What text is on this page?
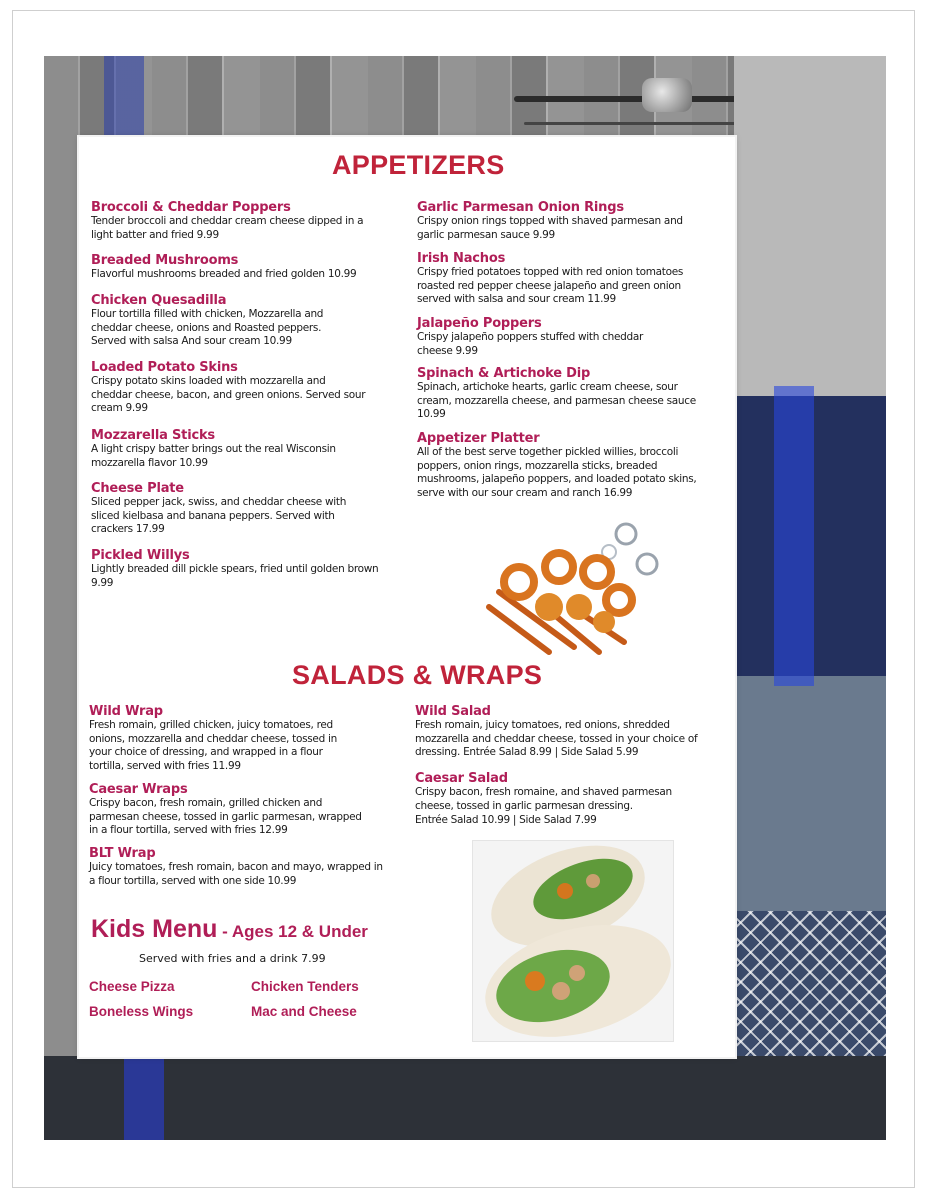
APPETIZERS
Broccoli & Cheddar Poppers
Tender broccoli and cheddar cream cheese dipped in a light batter and fried 9.99
Breaded Mushrooms
Flavorful mushrooms breaded and fried golden 10.99
Chicken Quesadilla
Flour tortilla filled with chicken, Mozzarella and cheddar cheese, onions and Roasted peppers. Served with salsa And sour cream 10.99
Loaded Potato Skins
Crispy potato skins loaded with mozzarella and cheddar cheese, bacon, and green onions. Served sour cream 9.99
Mozzarella Sticks
A light crispy batter brings out the real Wisconsin mozzarella flavor 10.99
Cheese Plate
Sliced pepper jack, swiss, and cheddar cheese with sliced kielbasa and banana peppers. Served with crackers 17.99
Pickled Willys
Lightly breaded dill pickle spears, fried until golden brown 9.99
Garlic Parmesan Onion Rings
Crispy onion rings topped with shaved parmesan and garlic parmesan sauce 9.99
Irish Nachos
Crispy fried potatoes topped with red onion tomatoes roasted red pepper cheese jalapeño and green onion served with salsa and sour cream 11.99
Jalapeño Poppers
Crispy jalapeño poppers stuffed with cheddar cheese 9.99
Spinach & Artichoke Dip
Spinach, artichoke hearts, garlic cream cheese, sour cream, mozzarella cheese, and parmesan cheese sauce 10.99
Appetizer Platter
All of the best serve together pickled willies, broccoli poppers, onion rings, mozzarella sticks, breaded mushrooms, jalapeño poppers, and loaded potato skins, serve with our sour cream and ranch 16.99
SALADS & WRAPS
Wild Wrap
Fresh romain, grilled chicken, juicy tomatoes, red onions, mozzarella and cheddar cheese, tossed in your choice of dressing, and wrapped in a flour tortilla, served with fries 11.99
Caesar Wraps
Crispy bacon, fresh romain, grilled chicken and parmesan cheese, tossed in garlic parmesan, wrapped in a flour tortilla, served with fries 12.99
BLT Wrap
Juicy tomatoes, fresh romain, bacon and mayo, wrapped in a flour tortilla, served with one side 10.99
Wild Salad
Fresh romain, juicy tomatoes, red onions, shredded mozzarella and cheddar cheese, tossed in your choice of dressing. Entrée Salad 8.99 | Side Salad 5.99
Caesar Salad
Crispy bacon, fresh romaine, and shaved parmesan cheese, tossed in garlic parmesan dressing.
Entrée Salad 10.99 | Side Salad 7.99
Kids Menu - Ages 12 & Under
Served with fries and a drink 7.99
Cheese Pizza	Chicken Tenders
Boneless Wings	Mac and Cheese
